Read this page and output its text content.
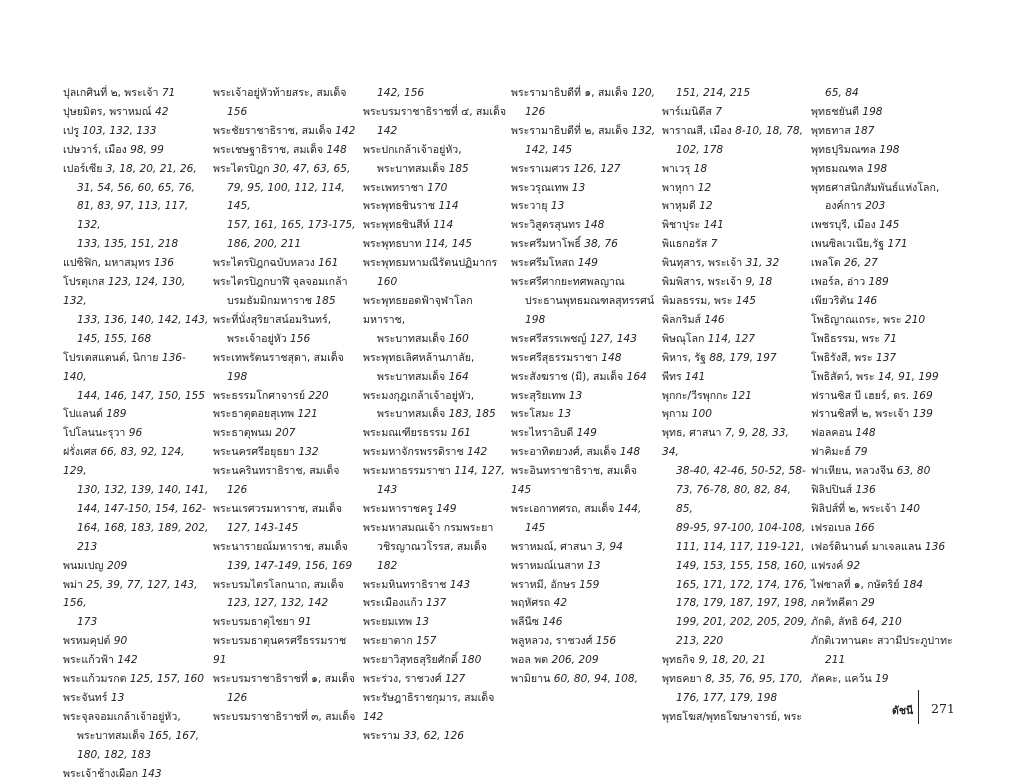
ปุลเกศินที่ ๒, พระเจ้า 71
ปุษยมิตร, พราหมณ์ 42
เปรู 103, 132, 133
เปษวาร์, เมือง 98, 99
เปอร์เซีย 3, 18, 20, 21, 26,
31, 54, 56, 60, 65, 76,
81, 83, 97, 113, 117, 132,
133, 135, 151, 218
แปซิฟิก, มหาสมุทร 136
โปรตุเกส 123, 124, 130, 132,
133, 136, 140, 142, 143,
145, 155, 168
โปรเตสแตนต์, นิกาย 136-140,
144, 146, 147, 150, 155
โปแลนด์ 189
โปโลนนะรุวา 96
ฝรั่งเศส 66, 83, 92, 124, 129,
130, 132, 139, 140, 141,
144, 147-150, 154, 162-
164, 168, 183, 189, 202,
213
พนมเปญ 209
พม่า 25, 39, 77, 127, 143, 156,
173
พรหมคุปต์ 90
พระแก้วฟ้า 142
พระแก้วมรกต 125, 157, 160
พระจันทร์ 13
พระจุลจอมเกล้าเจ้าอยู่หัว,
พระบาทสมเด็จ 165, 167,
180, 182, 183
พระเจ้าช้างเผือก 143
พระเจ้าอยู่หัวท้ายสระ, สมเด็จ
156
พระชัยราชาธิราช, สมเด็จ 142
พระเชษฐาธิราช, สมเด็จ 148
พระไตรปิฎก 30, 47, 63, 65,
79, 95, 100, 112, 114, 145,
157, 161, 165, 173-175,
186, 200, 211
พระไตรปิฎกฉบับหลวง 161
พระไตรปิฎกบาฬี จุลจอมเกล้า
บรมธัมมิกมหาราช 185
พระที่นั่งสุริยาสน์อมรินทร์,
พระเจ้าอยู่หัว 156
พระเทพรัตนราชสุดา, สมเด็จ
198
พระธรรมโกศาจารย์ 220
พระธาตุดอยสุเทพ 121
พระธาตุพนม 207
พระนครศรีอยุธยา 132
พระนครินทราธิราช, สมเด็จ
126
พระนเรศวรมหาราช, สมเด็จ
127, 143-145
พระนารายณ์มหาราช, สมเด็จ
139, 147-149, 156, 169
พระบรมไตรโลกนาถ, สมเด็จ
123, 127, 132, 142
พระบรมธาตุไชยา 91
พระบรมธาตุนครศรีธรรมราช 91
พระบรมราชาธิราชที่ ๑, สมเด็จ
126
พระบรมราชาธิราชที่ ๓, สมเด็จ
142, 156
พระบรมราชาธิราชที่ ๔, สมเด็จ
142
พระปกเกล้าเจ้าอยู่หัว,
พระบาทสมเด็จ 185
พระเพทราชา 170
พระพุทธชินราช 114
พระพุทธชินสีห์ 114
พระพุทธบาท 114, 145
พระพุทธมหามณีรัตนปฏิมากร
160
พระพุทธยอดฟ้าจุฬาโลกมหาราช,
พระบาทสมเด็จ 160
พระพุทธเลิศหล้านภาลัย,
พระบาทสมเด็จ 164
พระมงกุฎเกล้าเจ้าอยู่หัว,
พระบาทสมเด็จ 183, 185
พระมณเฑียรธรรม 161
พระมหาจักรพรรดิราช 142
พระมหาธรรมราชา 114, 127,
143
พระมหาราชครู 149
พระมหาสมณเจ้า กรมพระยา
วชิรญาณวโรรส, สมเด็จ 182
พระมหินทราธิราช 143
พระเมืองแก้ว 137
พระยมเทพ 13
พระยาตาก 157
พระยาวิสุทธสุริยศักดิ์ 180
พระร่วง, ราชวงศ์ 127
พระรัษฎาธิราชกุมาร, สมเด็จ 142
พระราม 33, 62, 126
พระรามาธิบดีที่ ๑, สมเด็จ 120,
126
พระรามาธิบดีที่ ๒, สมเด็จ 132,
142, 145
พระราเมศวร 126, 127
พระวรุณเทพ 13
พระวายุ 13
พระวิสูตรสุนทร 148
พระศรีมหาโพธิ์ 38, 76
พระศรีมโหสถ 149
พระศรีศากยะทศพลญาณ
ประธานพุทธมณฑลสุทรรศน์
198
พระศรีสรรเพชญ์ 127, 143
พระศรีสุธรรมราชา 148
พระสังฆราช (มี), สมเด็จ 164
พระสุริยเทพ 13
พระโสมะ 13
พระไหราอิบดี 149
พระอาทิตยวงศ์, สมเด็จ 148
พระอินทราชาธิราช, สมเด็จ 145
พระเอกาทศรถ, สมเด็จ 144,
145
พราหมณ์, ศาสนา 3, 94
พราหมณ์เนสาท 13
พราหมี, อักษร 159
พฤหัศรถ 42
พลีนีซ 146
พลูหลวง, ราชวงศ์ 156
พอล พต 206, 209
พามิยาน 60, 80, 94, 108,
151, 214, 215
พาร์เมนิดีส 7
พาราณสี, เมือง 8-10, 18, 78,
102, 178
พาเวรุ 18
พาหุกา 12
พาหุมดี 12
พิชาปุระ 141
พิแธกอรัส 7
พินทุสาร, พระเจ้า 31, 32
พิมพิสาร, พระเจ้า 9, 18
พิมลธรรม, พระ 145
พิลกริมส์ 146
พิษณุโลก 114, 127
พิหาร, รัฐ 88, 179, 197
พีทร 141
พุกกะ/วีรพุกกะ 121
พุกาม 100
พุทธ, ศาสนา 7, 9, 28, 33, 34,
38-40, 42-46, 50-52, 58-
73, 76-78, 80, 82, 84, 85,
89-95, 97-100, 104-108,
111, 114, 117, 119-121,
149, 153, 155, 158, 160,
165, 171, 172, 174, 176,
178, 179, 187, 197, 198,
199, 201, 202, 205, 209,
213, 220
พุทธกิจ 9, 18, 20, 21
พุทธคยา 8, 35, 76, 95, 170,
176, 177, 179, 198
พุทธโฆส/พุทธโฆษาจารย์, พระ
65, 84
พุทธชยันตี 198
พุทธทาส 187
พุทธปุริมณฑล 198
พุทธมณฑล 198
พุทธศาสนิกสัมพันธ์แห่งโลก,
องค์การ 203
เพชรบุรี, เมือง 145
เพนซิลเวเนีย,รัฐ 171
เพลโต 26, 27
เพอร์ล, อ่าว 189
เพียวริตัน 146
โพธิญาณเถระ, พระ 210
โพธิธรรม, พระ 71
โพธิรังสี, พระ 137
โพธิสัตว์, พระ 14, 91, 199
ฟรานซิส บี เฮยร์, ดร. 169
ฟรานซิสที่ ๒, พระเจ้า 139
ฟอลคอน 148
ฟาคิมะฮ์ 79
ฟาเหียน, หลวงจีน 63, 80
ฟิลิปปินส์ 136
ฟิลิปส์ที่ ๒, พระเจ้า 140
เฟรอเบล 166
เฟอร์ดินานด์ มาเจลแลน 136
แฟรงค์ 92
ไฟซาลที่ ๑, กษัตริย์ 184
ภควัทคีตา 29
ภักติ, ลัทธิ 64, 210
ภักติเวทานตะ สวามีประภูปาทะ
211
ภัคคะ, แคว้น 19
ดัชนี 271
